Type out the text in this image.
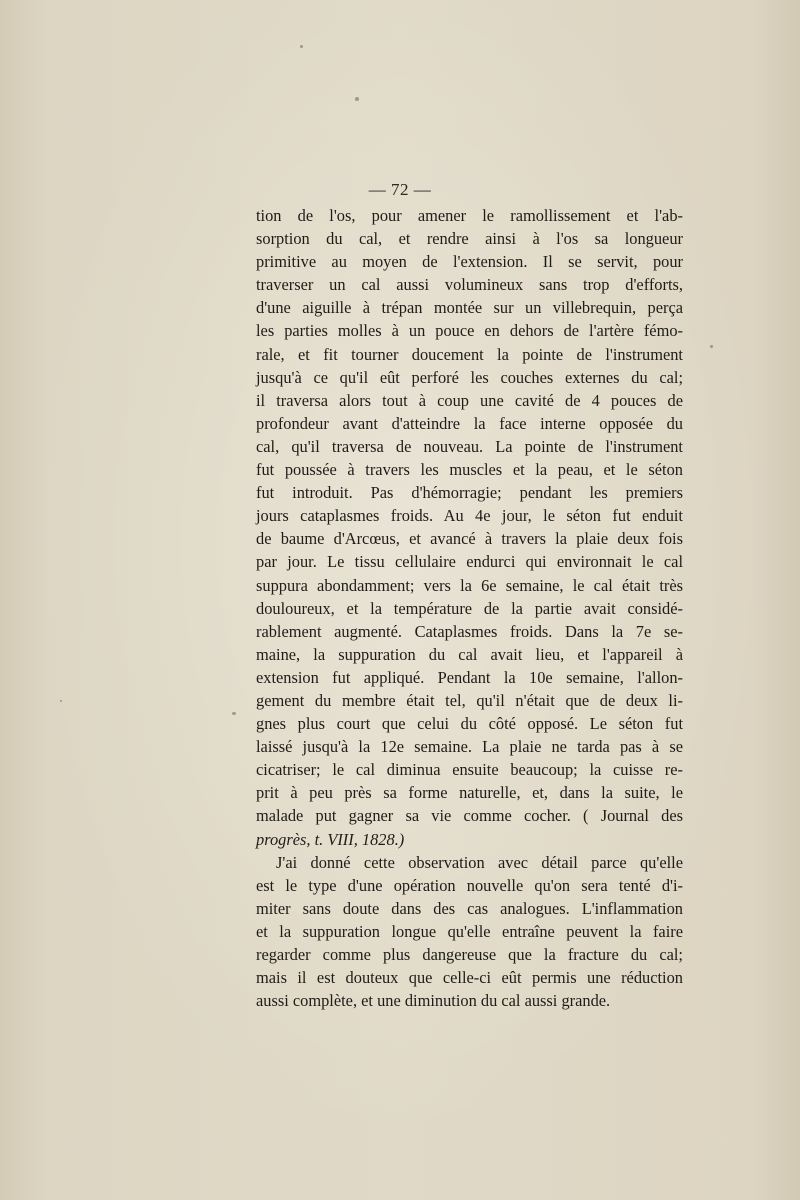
— 72 —
tion de l'os, pour amener le ramollissement et l'ab-
sorption du cal, et rendre ainsi à l'os sa longueur
primitive au moyen de l'extension. Il se servit, pour
traverser un cal aussi volumineux sans trop d'efforts,
d'une aiguille à trépan montée sur un villebrequin, perça
les parties molles à un pouce en dehors de l'artère fémo-
rale, et fit tourner doucement la pointe de l'instrument
jusqu'à ce qu'il eût perforé les couches externes du cal;
il traversa alors tout à coup une cavité de 4 pouces de
profondeur avant d'atteindre la face interne opposée du
cal, qu'il traversa de nouveau. La pointe de l'instrument
fut poussée à travers les muscles et la peau, et le séton
fut introduit. Pas d'hémorragie; pendant les premiers
jours cataplasmes froids. Au 4e jour, le séton fut enduit
de baume d'Arcœus, et avancé à travers la plaie deux fois
par jour. Le tissu cellulaire endurci qui environnait le cal
suppura abondamment; vers la 6e semaine, le cal était très
douloureux, et la température de la partie avait considé-
rablement augmenté. Cataplasmes froids. Dans la 7e se-
maine, la suppuration du cal avait lieu, et l'appareil à
extension fut appliqué. Pendant la 10e semaine, l'allon-
gement du membre était tel, qu'il n'était que de deux li-
gnes plus court que celui du côté opposé. Le séton fut
laissé jusqu'à la 12e semaine. La plaie ne tarda pas à se
cicatriser; le cal diminua ensuite beaucoup; la cuisse re-
prit à peu près sa forme naturelle, et, dans la suite, le
malade put gagner sa vie comme cocher. ( Journal des
progrès, t. VIII, 1828.)
J'ai donné cette observation avec détail parce qu'elle
est le type d'une opération nouvelle qu'on sera tenté d'i-
miter sans doute dans des cas analogues. L'inflammation
et la suppuration longue qu'elle entraîne peuvent la faire
regarder comme plus dangereuse que la fracture du cal;
mais il est douteux que celle-ci eût permis une réduction
aussi complète, et une diminution du cal aussi grande.
